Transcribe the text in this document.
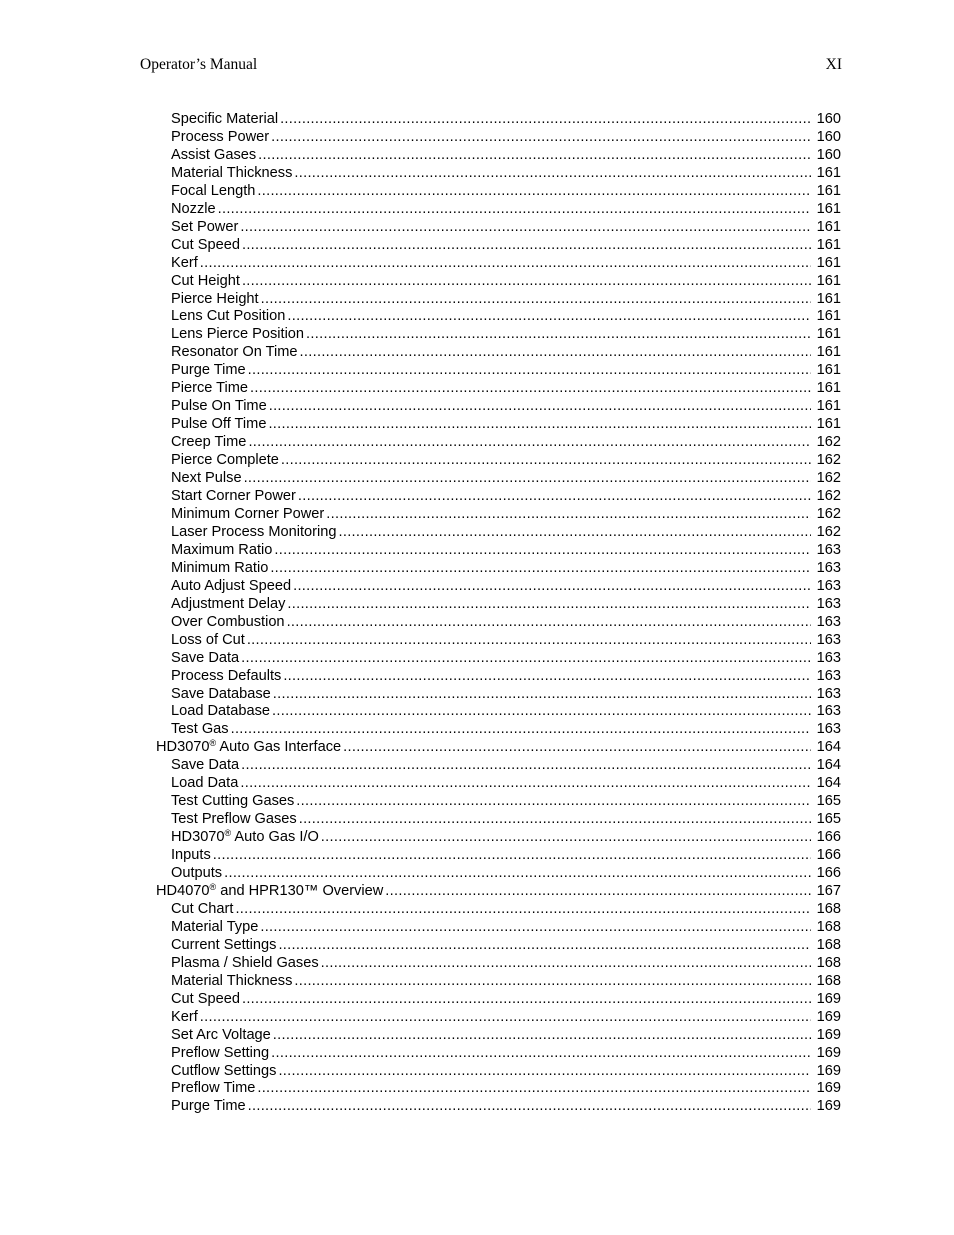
Operator’s Manual	XI
Specific Material .....	160
Process Power .....	160
Assist Gases .....	160
Material Thickness .....	161
Focal Length .....	161
Nozzle .....	161
Set Power .....	161
Cut Speed .....	161
Kerf .....	161
Cut Height .....	161
Pierce Height .....	161
Lens Cut Position .....	161
Lens Pierce Position .....	161
Resonator On Time .....	161
Purge Time .....	161
Pierce Time .....	161
Pulse On Time .....	161
Pulse Off Time .....	161
Creep Time .....	162
Pierce Complete .....	162
Next Pulse .....	162
Start Corner Power .....	162
Minimum Corner Power .....	162
Laser Process Monitoring .....	162
Maximum Ratio .....	163
Minimum Ratio .....	163
Auto Adjust Speed .....	163
Adjustment Delay .....	163
Over Combustion .....	163
Loss of Cut .....	163
Save Data .....	163
Process Defaults .....	163
Save Database .....	163
Load Database .....	163
Test Gas .....	163
HD3070® Auto Gas Interface .....	164
Save Data .....	164
Load Data .....	164
Test Cutting Gases .....	165
Test Preflow Gases .....	165
HD3070® Auto Gas I/O .....	166
Inputs .....	166
Outputs .....	166
HD4070® and HPR130™ Overview .....	167
Cut Chart .....	168
Material Type .....	168
Current Settings .....	168
Plasma / Shield Gases .....	168
Material Thickness .....	168
Cut Speed .....	169
Kerf .....	169
Set Arc Voltage .....	169
Preflow Setting .....	169
Cutflow Settings .....	169
Preflow Time .....	169
Purge Time .....	169
